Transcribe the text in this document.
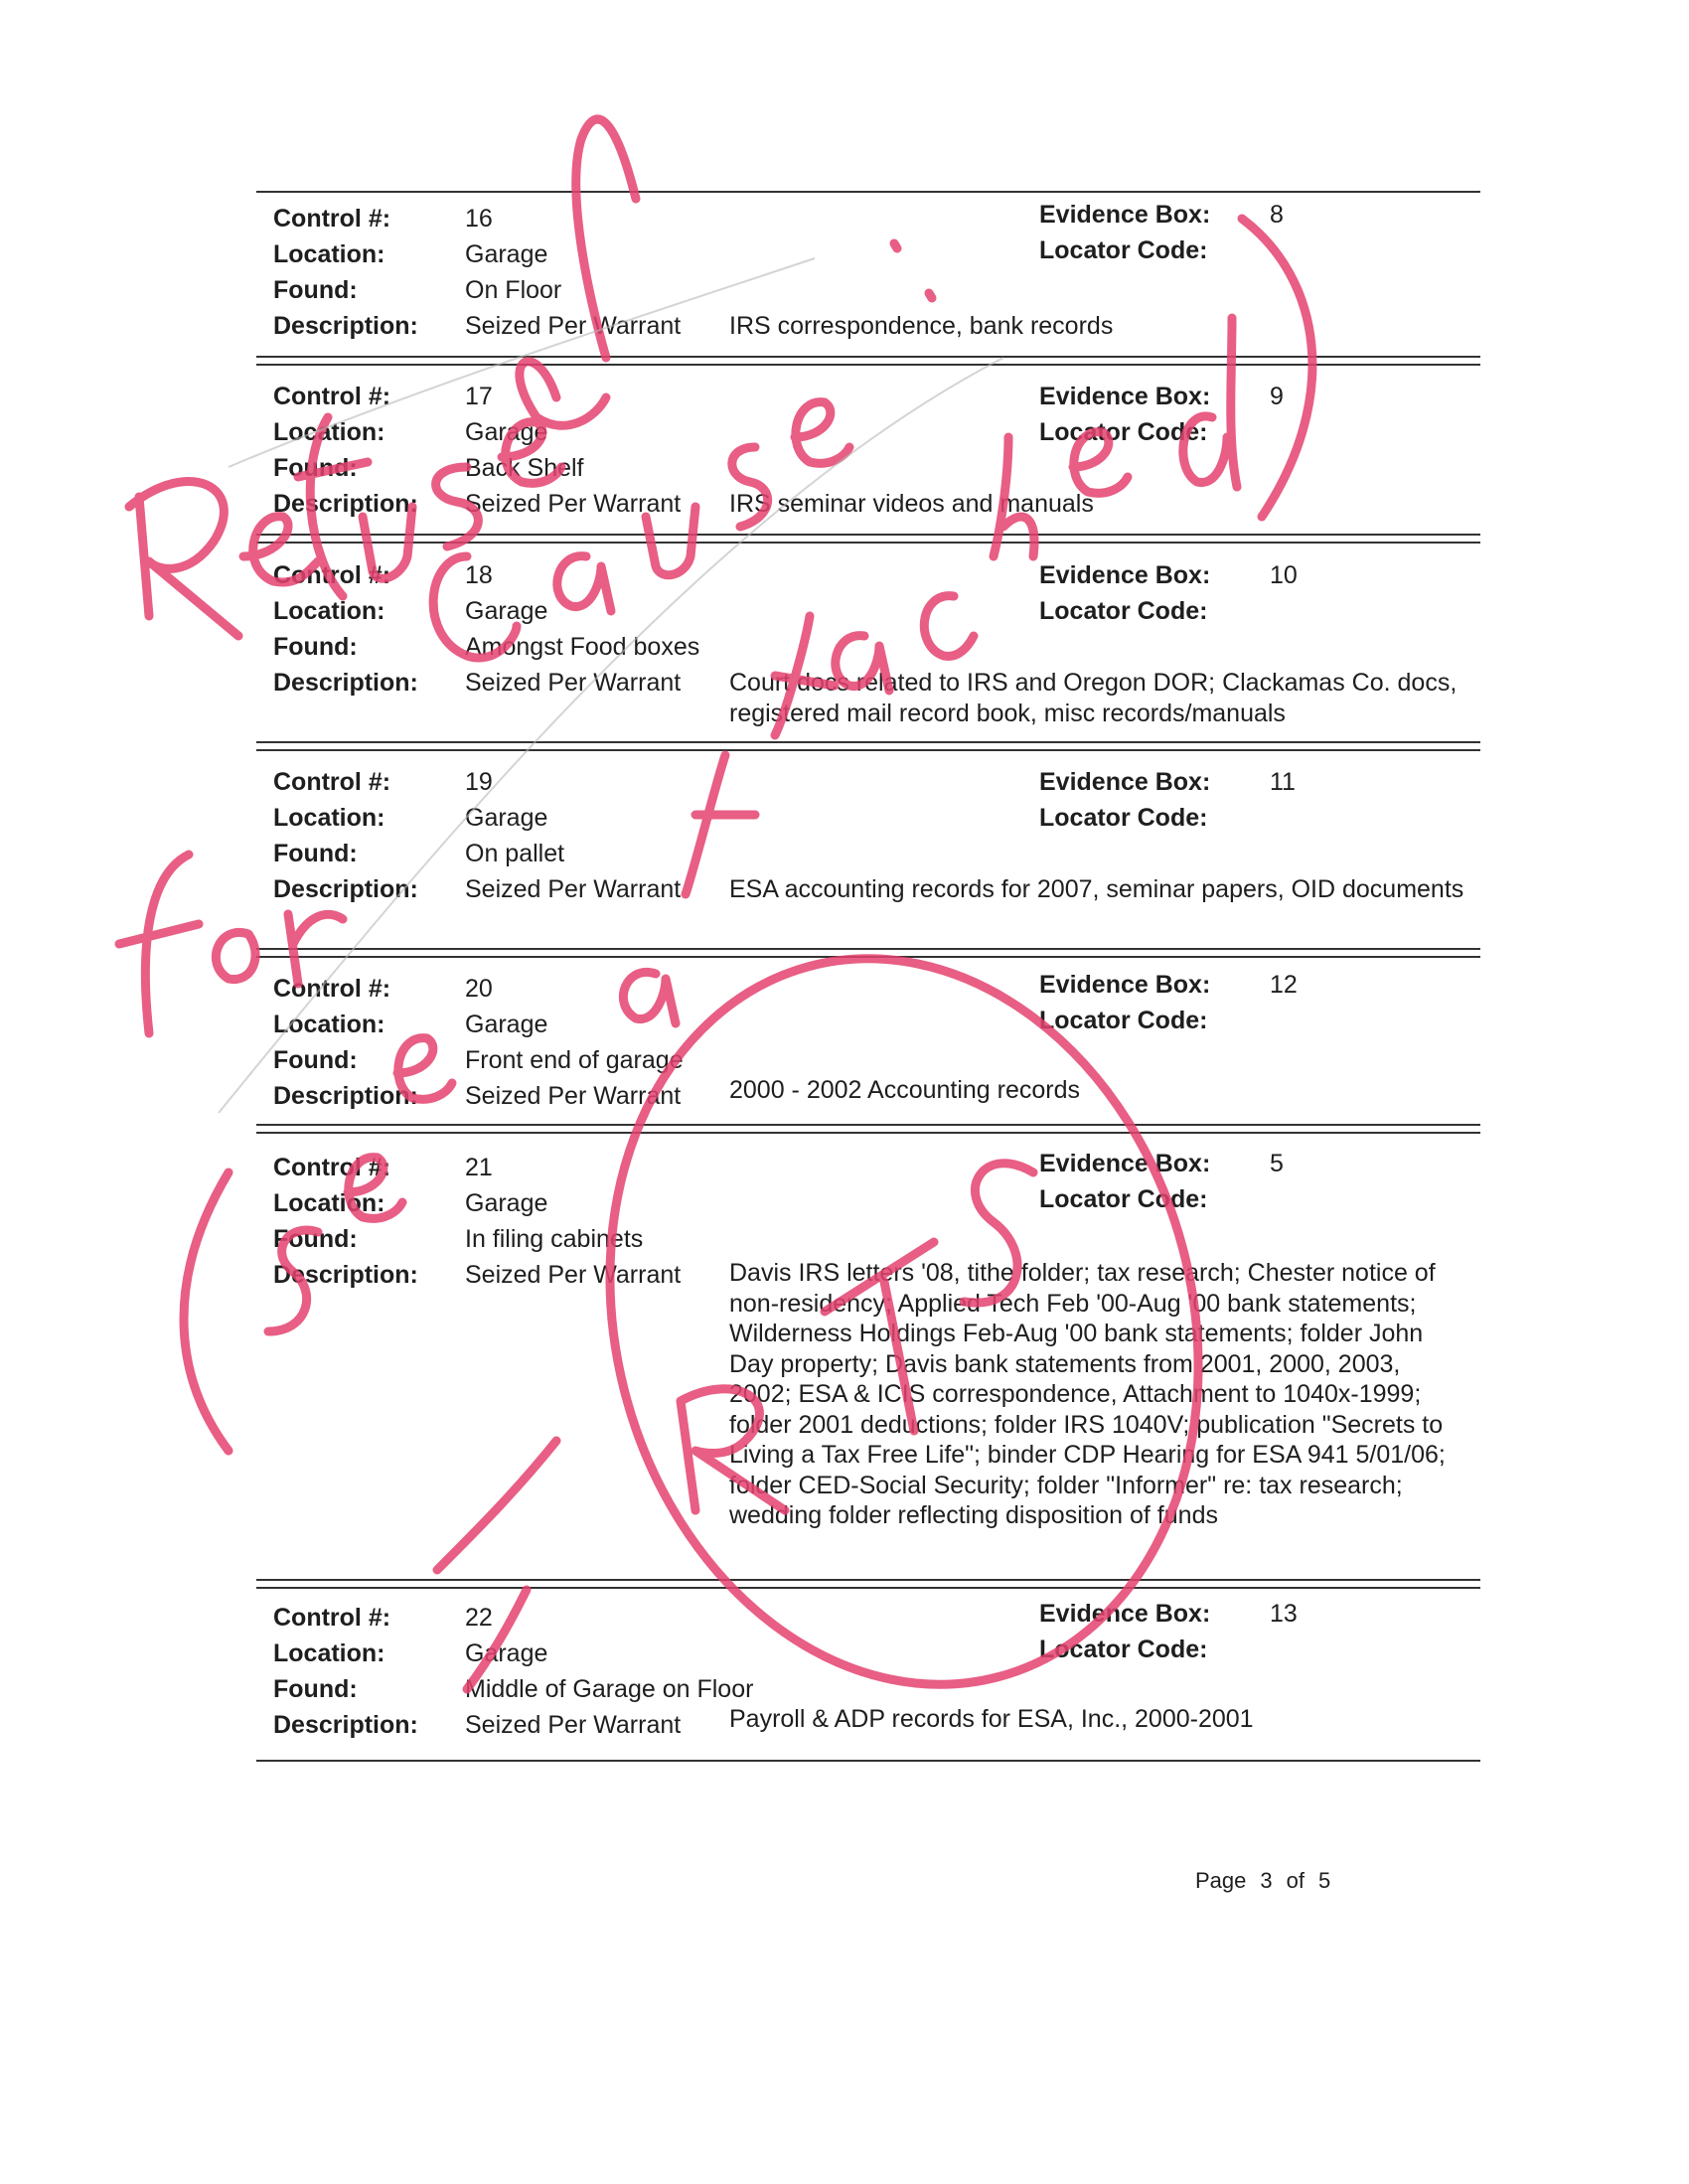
Control #:
Location:
Found:
Description:
16
Garage
On Floor
Seized Per Warrant IRS correspondence, bank records
Evidence Box:
Locator Code:
8
Control #:
Location:
Found:
Description:
17
Garage
Back Shelf
Seized Per Warrant IRS seminar videos and manuals
Evidence Box:
Locator Code:
9
Control #:
Location:
Found:
Description:
18
Garage
Amongst Food boxes
Seized Per Warrant Court docs related to IRS and Oregon DOR; Clackamas Co. docs, registered mail record book, misc records/manuals
Evidence Box:
Locator Code:
10
Control #:
Location:
Found:
Description:
19
Garage
On pallet
Seized Per Warrant ESA accounting records for 2007, seminar papers, OID documents
Evidence Box:
Locator Code:
11
Control #:
Location:
Found:
Description:
20
Garage
Front end of garage
Seized Per Warrant 2000 - 2002 Accounting records
Evidence Box:
Locator Code:
12
Control #:
Location:
Found:
Description:
21
Garage
In filing cabinets
Seized Per Warrant Davis IRS letters '08, tithe folder; tax research; Chester notice of non-residency; Applied Tech Feb '00-Aug '00 bank statements; Wilderness Holdings Feb-Aug '00 bank statements; folder John Day property; Davis bank statements from 2001, 2000, 2003, 2002; ESA & ICIS correspondence, Attachment to 1040x-1999; folder 2001 deductions; folder IRS 1040V; publication "Secrets to Living a Tax Free Life"; binder CDP Hearing for ESA 941 5/01/06; folder CED-Social Security; folder "Informer" re: tax research; wedding folder reflecting disposition of funds
Evidence Box:
Locator Code:
5
Control #:
Location:
Found:
Description:
22
Garage
Middle of Garage on Floor
Seized Per Warrant Payroll & ADP records for ESA, Inc., 2000-2001
Evidence Box:
Locator Code:
13
Page 3 of 5
